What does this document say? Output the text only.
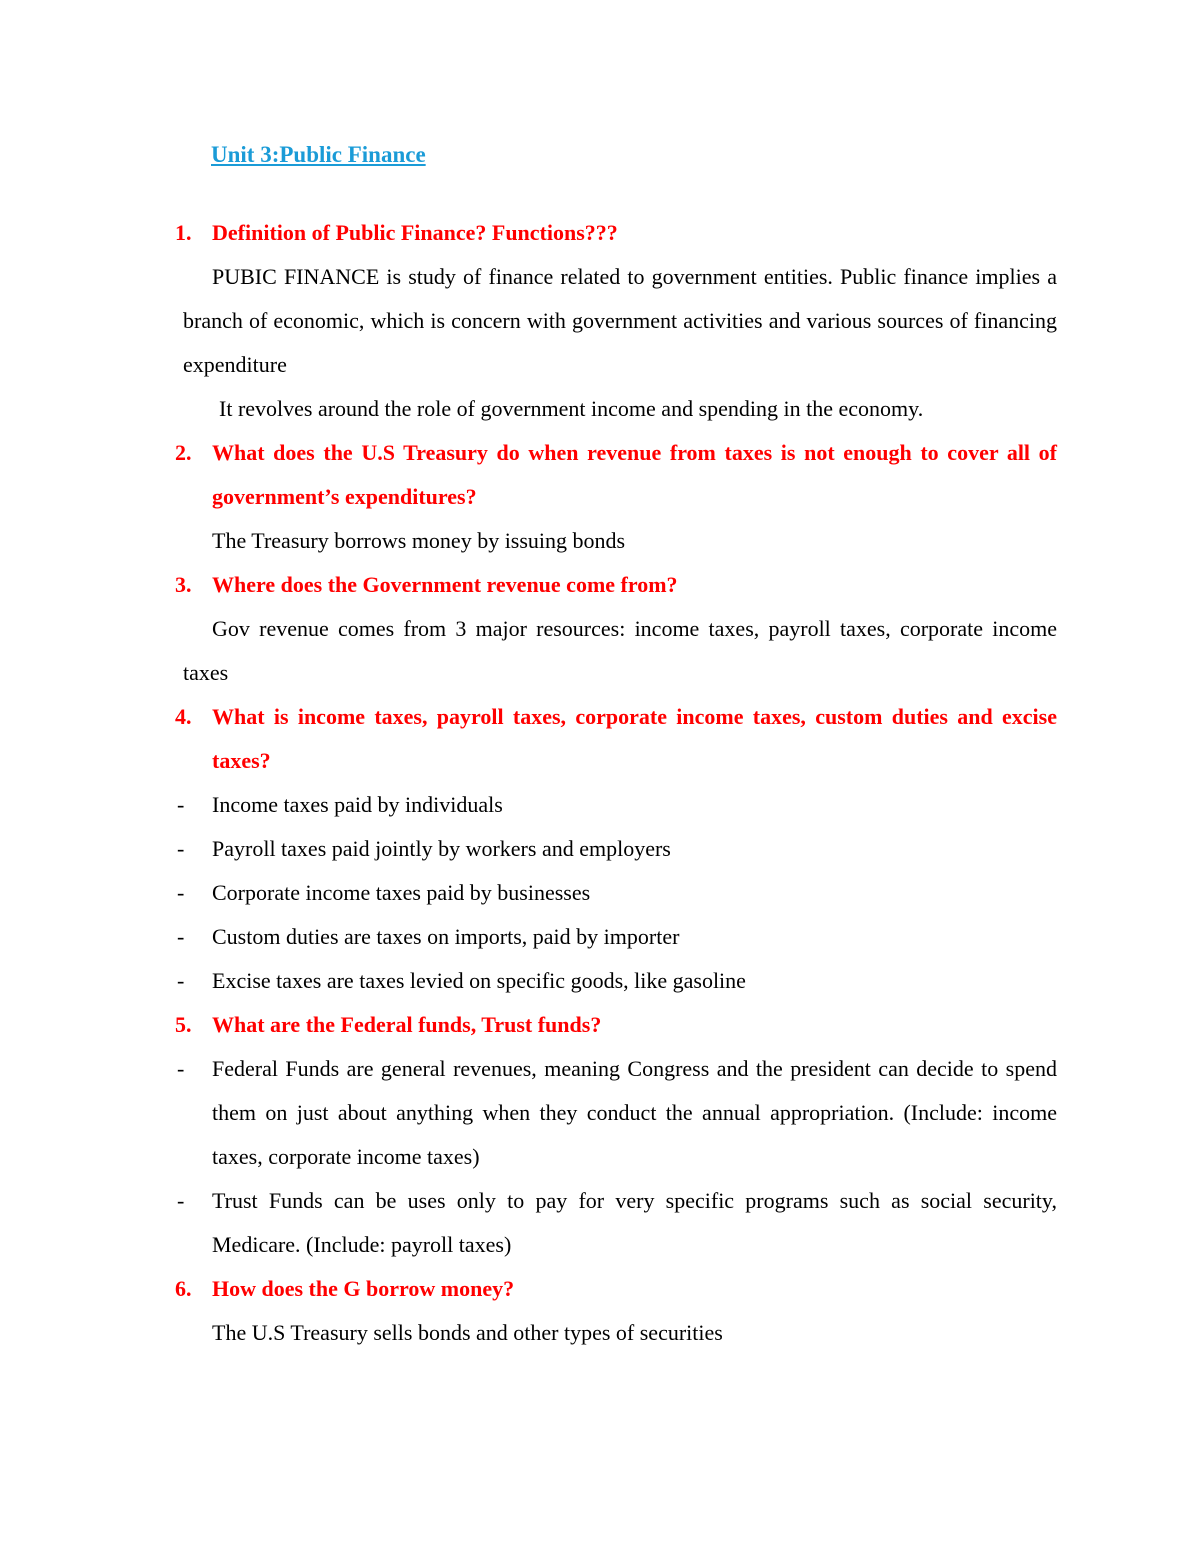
Unit 3:Public Finance
1. Definition of Public Finance? Functions???
PUBIC FINANCE is study of finance related to government entities. Public finance implies a branch of economic, which is concern with government activities and various sources of financing expenditure
It revolves around the role of government income and spending in the economy.
2. What does the U.S Treasury do when revenue from taxes is not enough to cover all of government’s expenditures?
The Treasury borrows money by issuing bonds
3. Where does the Government revenue come from?
Gov revenue comes from 3 major resources: income taxes, payroll taxes, corporate income taxes
4. What is income taxes, payroll taxes, corporate income taxes, custom duties and excise taxes?
- Income taxes paid by individuals
- Payroll taxes paid jointly by workers and employers
- Corporate income taxes paid by businesses
- Custom duties are taxes on imports, paid by importer
- Excise taxes are taxes levied on specific goods, like gasoline
5. What are the Federal funds, Trust funds?
- Federal Funds are general revenues, meaning Congress and the president can decide to spend them on just about anything when they conduct the annual appropriation. (Include: income taxes, corporate income taxes)
- Trust Funds can be uses only to pay for very specific programs such as social security, Medicare. (Include: payroll taxes)
6. How does the G borrow money?
The U.S Treasury sells bonds and other types of securities
